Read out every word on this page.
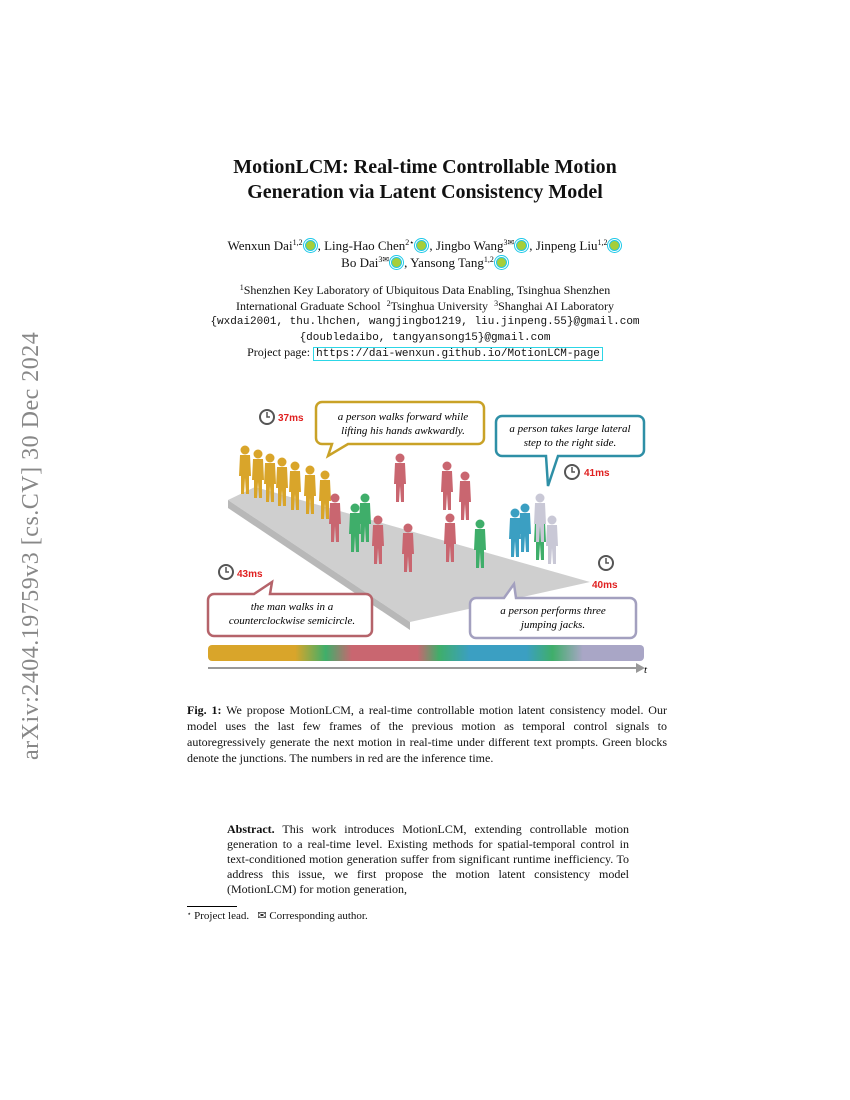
arXiv:2404.19759v3 [cs.CV] 30 Dec 2024
MotionLCM: Real-time Controllable Motion
Generation via Latent Consistency Model
Wenxun Dai$^{1,2}$ , Ling-Hao Chen$^{2⋆}$ , Jingbo Wang$^{3✉}$ , Jinpeng Liu$^{1,2}$
Bo Dai$^{3✉}$ , Yansong Tang$^{1,2}$
$^1$Shenzhen Key Laboratory of Ubiquitous Data Enabling, Tsinghua Shenzhen
International Graduate School $^2$Tsinghua University $^3$Shanghai AI Laboratory
{wxdai2001, thu.lhchen, wangjingbo1219, liu.jinpeng.55}@gmail.com
{doubledaibo, tangyansong15}@gmail.com
Project page: https://dai-wenxun.github.io/MotionLCM-page
a person walks forward while
lifting his hands awkwardly.	a person takes large lateral
step to the right side.
the man walks in a
counterclockwise semicircle.
a person performs three
jumping jacks.
37ms
41ms
43ms
40ms
t
Fig. 1: We propose MotionLCM, a real-time controllable motion latent consistency model. Our model uses the last few frames of the previous motion as temporal control signals to autoregressively generate the next motion in real-time under different text prompts. Green blocks denote the junctions. The numbers in red are the inference time.
Abstract. This work introduces MotionLCM, extending controllable motion generation to a real-time level. Existing methods for spatial-temporal control in text-conditioned motion generation suffer from significant runtime inefficiency. To address this issue, we first propose the motion latent consistency model (MotionLCM) for motion generation,
⋆ Project lead. ✉ Corresponding author.
